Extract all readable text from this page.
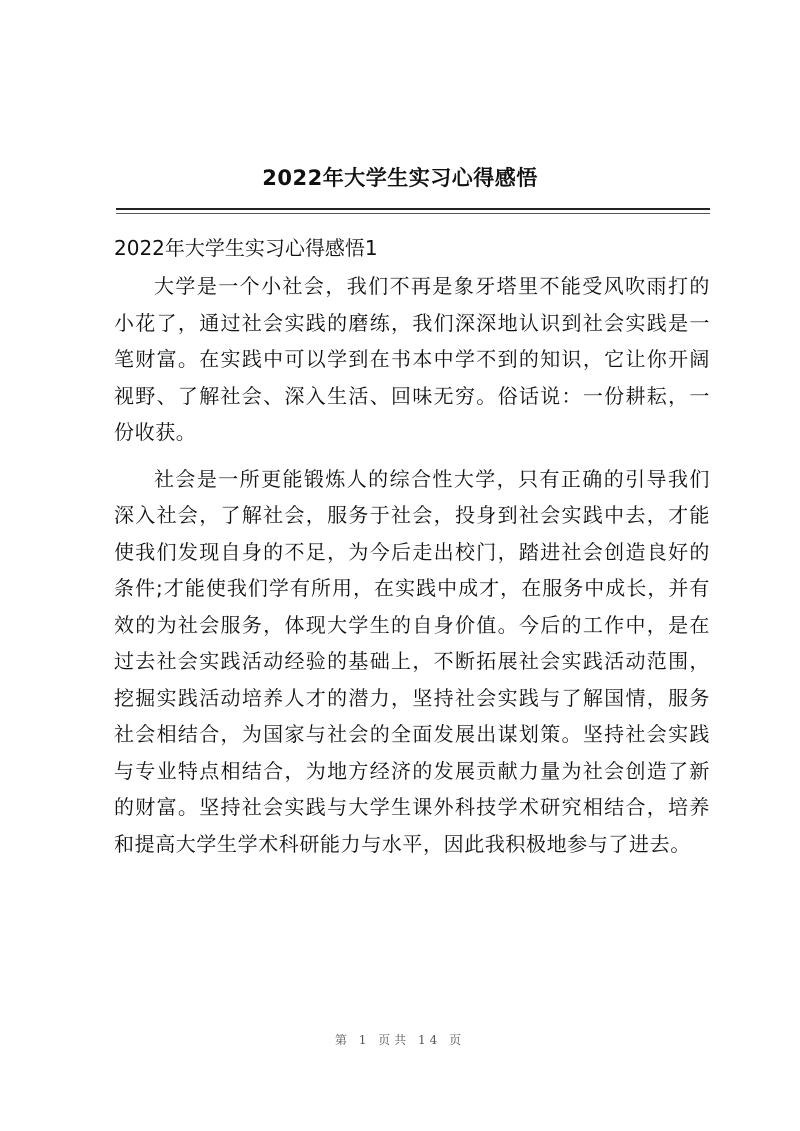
2022年大学生实习心得感悟
2022年大学生实习心得感悟1

大学是一个小社会，我们不再是象牙塔里不能受风吹雨打的小花了，通过社会实践的磨练，我们深深地认识到社会实践是一笔财富。在实践中可以学到在书本中学不到的知识，它让你开阔视野、了解社会、深入生活、回味无穷。俗话说：一份耕耘，一份收获。

社会是一所更能锻炼人的综合性大学，只有正确的引导我们深入社会，了解社会，服务于社会，投身到社会实践中去，才能使我们发现自身的不足，为今后走出校门，踏进社会创造良好的条件;才能使我们学有所用，在实践中成才，在服务中成长，并有效的为社会服务，体现大学生的自身价值。今后的工作中，是在过去社会实践活动经验的基础上，不断拓展社会实践活动范围，挖掘实践活动培养人才的潜力，坚持社会实践与了解国情，服务社会相结合，为国家与社会的全面发展出谋划策。坚持社会实践与专业特点相结合，为地方经济的发展贡献力量为社会创造了新的财富。坚持社会实践与大学生课外科技学术研究相结合，培养和提高大学生学术科研能力与水平，因此我积极地参与了进去。

第 1 页共 14 页
